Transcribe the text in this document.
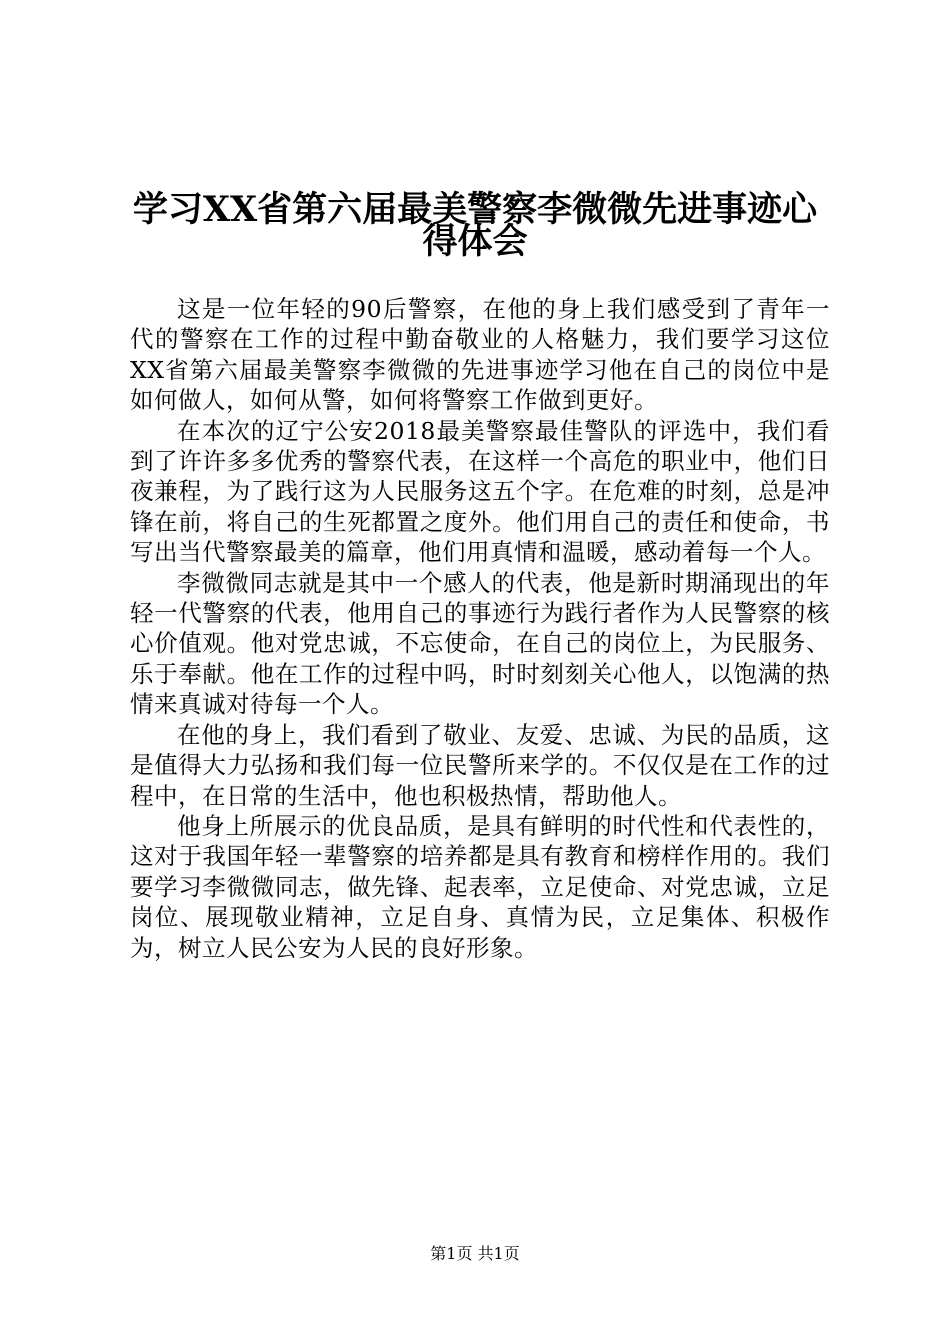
学习XX省第六届最美警察李微微先进事迹心
得体会

这是一位年轻的90后警察，在他的身上我们感受到了青年一代的警察在工作的过程中勤奋敬业的人格魅力，我们要学习这位XX省第六届最美警察李微微的先进事迹学习他在自己的岗位中是如何做人，如何从警，如何将警察工作做到更好。

在本次的辽宁公安2018最美警察最佳警队的评选中，我们看到了许许多多优秀的警察代表，在这样一个高危的职业中，他们日夜兼程，为了践行这为人民服务这五个字。在危难的时刻，总是冲锋在前，将自己的生死都置之度外。他们用自己的责任和使命，书写出当代警察最美的篇章，他们用真情和温暖，感动着每一个人。

李微微同志就是其中一个感人的代表，他是新时期涌现出的年轻一代警察的代表，他用自己的事迹行为践行者作为人民警察的核心价值观。他对党忠诚，不忘使命，在自己的岗位上，为民服务、乐于奉献。他在工作的过程中吗，时时刻刻关心他人，以饱满的热情来真诚对待每一个人。

在他的身上，我们看到了敬业、友爱、忠诚、为民的品质，这是值得大力弘扬和我们每一位民警所来学的。不仅仅是在工作的过程中，在日常的生活中，他也积极热情，帮助他人。

他身上所展示的优良品质，是具有鲜明的时代性和代表性的，这对于我国年轻一辈警察的培养都是具有教育和榜样作用的。我们要学习李微微同志，做先锋、起表率，立足使命、对党忠诚，立足岗位、展现敬业精神，立足自身、真情为民，立足集体、积极作为，树立人民公安为人民的良好形象。

第1页 共1页
